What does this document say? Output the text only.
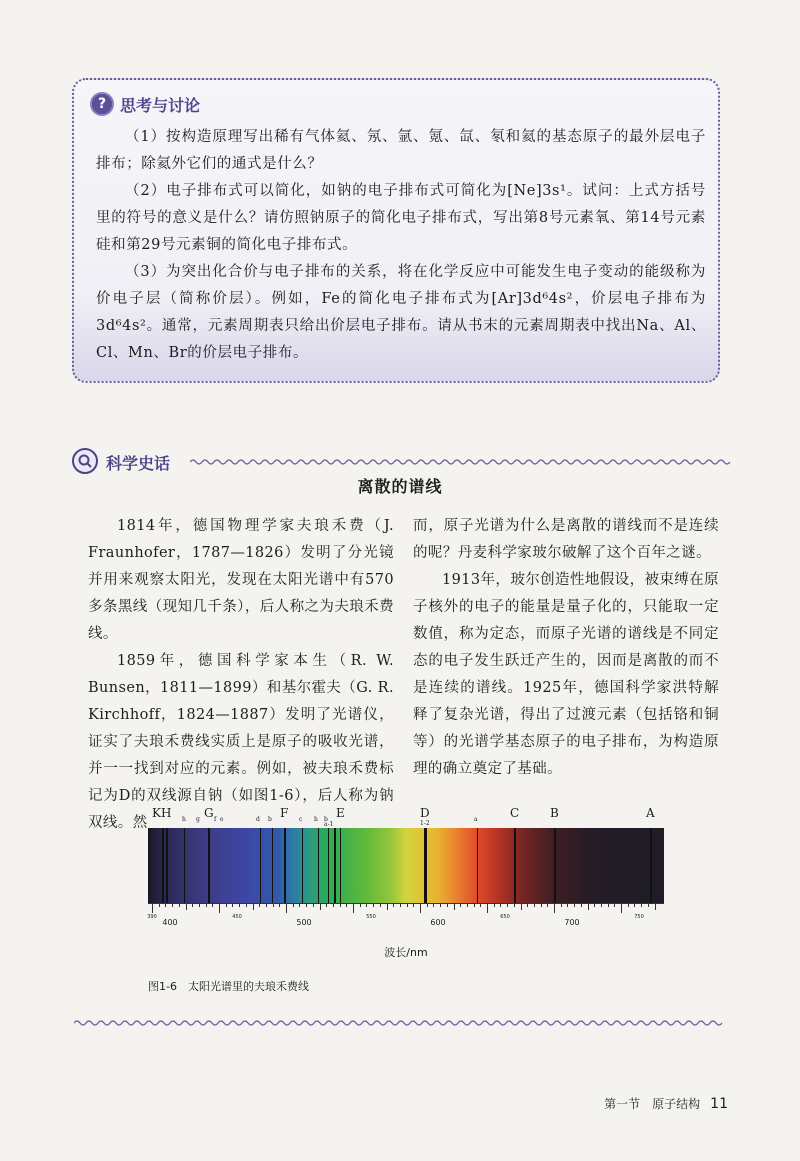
? 思考与讨论

（1）按构造原理写出稀有气体氦、氖、氩、氪、氙、氡和氦的基态原子的最外层电子排布；除氦外它们的通式是什么？

（2）电子排布式可以简化，如钠的电子排布式可简化为[Ne]3s¹。试问：上式方括号里的符号的意义是什么？请仿照钠原子的简化电子排布式，写出第8号元素氧、第14号元素硅和第29号元素铜的简化电子排布式。

（3）为突出化合价与电子排布的关系，将在化学反应中可能发生电子变动的能级称为价电子层（简称价层）。例如，Fe的简化电子排布式为[Ar]3d⁶4s²，价层电子排布为3d⁶4s²。通常，元素周期表只给出价层电子排布。请从书末的元素周期表中找出Na、Al、Cl、Mn、Br的价层电子排布。

科学史话
离散的谱线

1814年，德国物理学家夫琅禾费（J. Fraunhofer，1787—1826）发明了分光镜并用来观察太阳光，发现在太阳光谱中有570多条黑线（现知几千条），后人称之为夫琅禾费线。

1859年，德国科学家本生（R. W. Bunsen，1811—1899）和基尔霍夫（G. R. Kirchhoff，1824—1887）发明了光谱仪，证实了夫琅禾费线实质上是原子的吸收光谱，并一一找到对应的元素。例如，被夫琅禾费标记为D的双线源自钠（如图1-6），后人称为钠双线。然

而，原子光谱为什么是离散的谱线而不是连续的呢？丹麦科学家玻尔破解了这个百年之谜。

1913年，玻尔创造性地假设，被束缚在原子核外的电子的能量是量子化的，只能取一定数值，称为定态，而原子光谱的谱线是不同定态的电子发生跃迁产生的，因而是离散的而不是连续的谱线。1925年，德国科学家洪特解释了复杂光谱，得出了过渡元素（包括铬和铜等）的光谱学基态原子的电子排布，为构造原理的确立奠定了基础。

KH h g G f e	d b F c h b
a-1
E	D
1-2
a	C	B	A
390
400
450
500
550
600
650
700
750
波长/nm
图1-6　太阳光谱里的夫琅禾费线
第一节　原子结构 11
